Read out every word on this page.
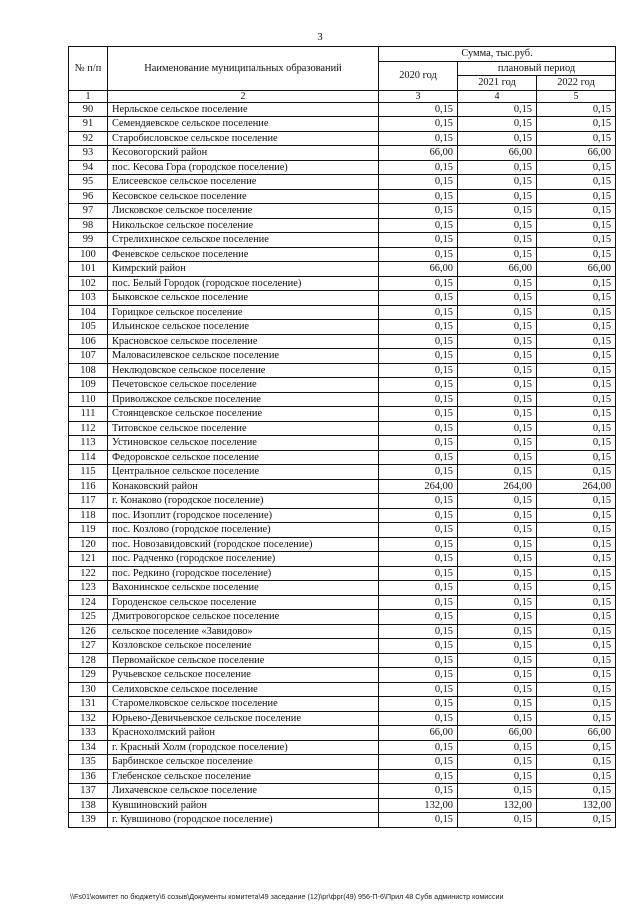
3
№ п/п	Наименование муниципальных образований	Сумма, тыс.руб.		
		2020 год	плановый период	
			2021 год	2022 год
1	2	3	4	5
90	Нерльское сельское поселение	0,15	0,15	0,15
91	Семендяевское сельское поселение	0,15	0,15	0,15
92	Старобисловское сельское поселение	0,15	0,15	0,15
93	Кесовогорский район	66,00	66,00	66,00
94	пос. Кесова Гора (городское поселение)	0,15	0,15	0,15
95	Елисеевское сельское поселение	0,15	0,15	0,15
96	Кесовское сельское поселение	0,15	0,15	0,15
97	Лисковское сельское поселение	0,15	0,15	0,15
98	Никольское сельское поселение	0,15	0,15	0,15
99	Стрелихинское сельское поселение	0,15	0,15	0,15
100	Феневское сельское поселение	0,15	0,15	0,15
101	Кимрский район	66,00	66,00	66,00
102	пос. Белый Городок (городское поселение)	0,15	0,15	0,15
103	Быковское сельское поселение	0,15	0,15	0,15
104	Горицкое сельское поселение	0,15	0,15	0,15
105	Ильинское сельское поселение	0,15	0,15	0,15
106	Красновское сельское поселение	0,15	0,15	0,15
107	Маловасилевское сельское поселение	0,15	0,15	0,15
108	Неклюдовское сельское поселение	0,15	0,15	0,15
109	Печетовское сельское поселение	0,15	0,15	0,15
110	Приволжское сельское поселение	0,15	0,15	0,15
111	Стоянцевское сельское поселение	0,15	0,15	0,15
112	Титовское сельское поселение	0,15	0,15	0,15
113	Устиновское сельское поселение	0,15	0,15	0,15
114	Федоровское сельское поселение	0,15	0,15	0,15
115	Центральное сельское поселение	0,15	0,15	0,15
116	Конаковский район	264,00	264,00	264,00
117	г. Конаково (городское поселение)	0,15	0,15	0,15
118	пос. Изоплит (городское поселение)	0,15	0,15	0,15
119	пос. Козлово (городское поселение)	0,15	0,15	0,15
120	пос. Новозавидовский (городское поселение)	0,15	0,15	0,15
121	пос. Радченко (городское поселение)	0,15	0,15	0,15
122	пос. Редкино (городское поселение)	0,15	0,15	0,15
123	Вахонинское сельское поселение	0,15	0,15	0,15
124	Городенское сельское поселение	0,15	0,15	0,15
125	Дмитровогорское сельское поселение	0,15	0,15	0,15
126	сельское поселение «Завидово»	0,15	0,15	0,15
127	Козловское сельское поселение	0,15	0,15	0,15
128	Первомайское сельское поселение	0,15	0,15	0,15
129	Ручьевское сельское поселение	0,15	0,15	0,15
130	Селиховское сельское поселение	0,15	0,15	0,15
131	Старомелковское сельское поселение	0,15	0,15	0,15
132	Юрьево-Девичьевское сельское поселение	0,15	0,15	0,15
133	Краснохолмский район	66,00	66,00	66,00
134	г. Красный Холм (городское поселение)	0,15	0,15	0,15
135	Барбинское сельское поселение	0,15	0,15	0,15
136	Глебенское сельское поселение	0,15	0,15	0,15
137	Лихачевское сельское поселение	0,15	0,15	0,15
138	Кувшиновский район	132,00	132,00	132,00
139	г. Кувшиново (городское поселение)	0,15	0,15	0,15
\\Fs01\комитет по бюджету\6 созыв\Документы комитета\49 заседание (12)\pr\фрг(49) 956-П-6\Прил 48 Субв администр комиссии
